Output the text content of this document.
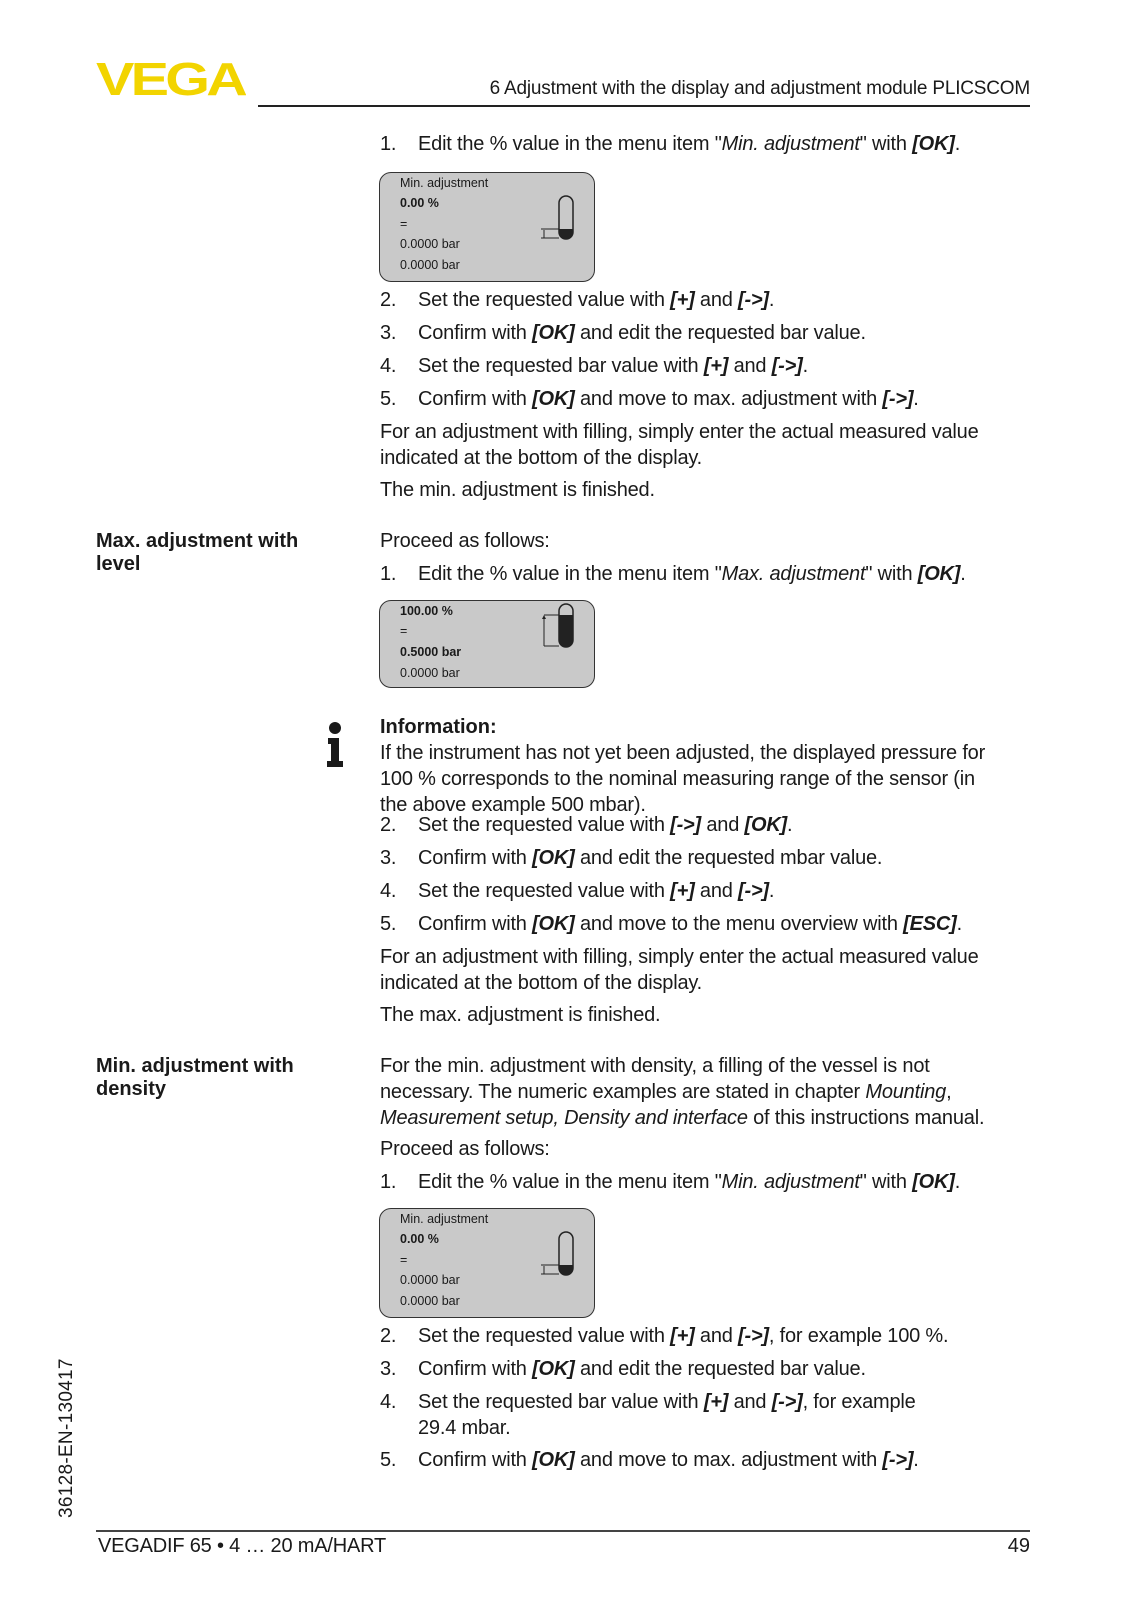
VEGA	6 Adjustment with the display and adjustment module PLICSCOM
1. Edit the % value in the menu item "Min. adjustment" with [OK].
Min. adjustment
0.00 %
=
0.0000 bar
0.0000 bar
2. Set the requested value with [+] and [->].
3. Confirm with [OK] and edit the requested bar value.
4. Set the requested bar value with [+] and [->].
5. Confirm with [OK] and move to max. adjustment with [->].
For an adjustment with filling, simply enter the actual measured value
indicated at the bottom of the display.
The min. adjustment is finished.
Max. adjustment with
level
Proceed as follows:
1. Edit the % value in the menu item "Max. adjustment" with [OK].
100.00 %
=
0.5000 bar
0.0000 bar
Information:
If the instrument has not yet been adjusted, the displayed pressure for
100 % corresponds to the nominal measuring range of the sensor (in
the above example 500 mbar).
2. Set the requested value with [->] and [OK].
3. Confirm with [OK] and edit the requested mbar value.
4. Set the requested value with [+] and [->].
5. Confirm with [OK] and move to the menu overview with [ESC].
For an adjustment with filling, simply enter the actual measured value
indicated at the bottom of the display.
The max. adjustment is finished.
Min. adjustment with
density
For the min. adjustment with density, a filling of the vessel is not
necessary. The numeric examples are stated in chapter Mounting,
Measurement setup, Density and interface of this instructions manual.
Proceed as follows:
1. Edit the % value in the menu item "Min. adjustment" with [OK].
Min. adjustment
0.00 %
=
0.0000 bar
0.0000 bar
2. Set the requested value with [+] and [->], for example 100 %.
3. Confirm with [OK] and edit the requested bar value.
4. Set the requested bar value with [+] and [->], for example
29.4 mbar.
5. Confirm with [OK] and move to max. adjustment with [->].
36128-EN-130417
VEGADIF 65 • 4 … 20 mA/HART	49
